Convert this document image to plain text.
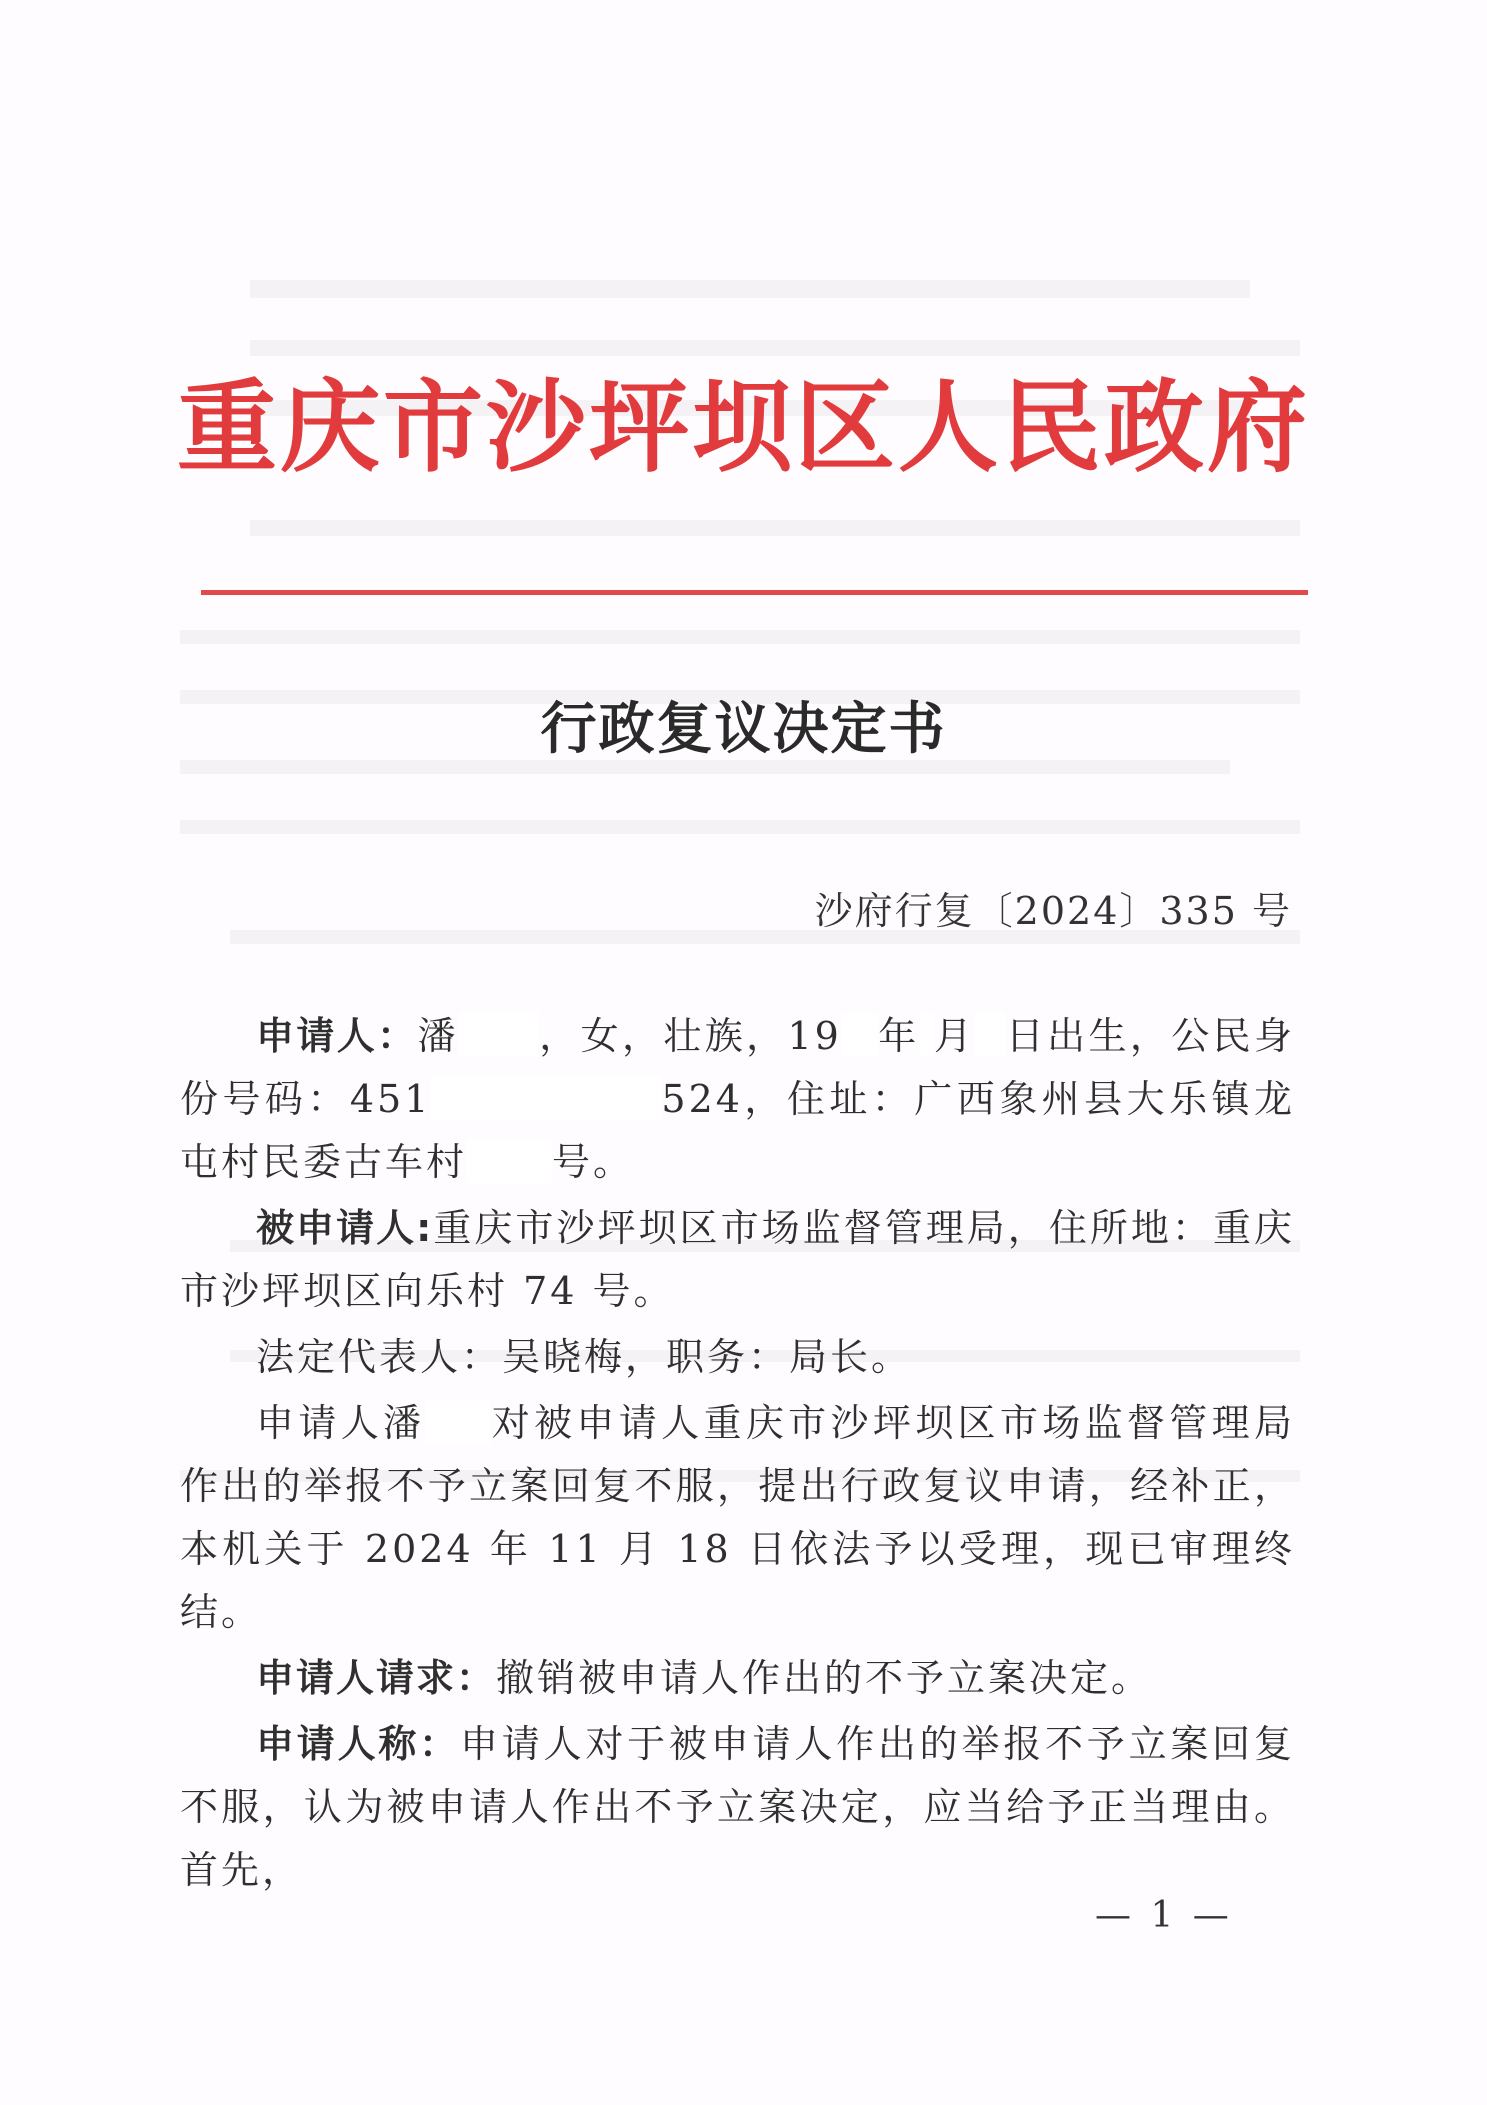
重庆市沙坪坝区人民政府
行政复议决定书
沙府行复〔2024〕335 号

申请人：潘 ，女，壮族，19 年 月 日出生，公民身份号码：451	524，住址：广西象州县大乐镇龙屯村民委古车村 号。

被申请人:重庆市沙坪坝区市场监督管理局，住所地：重庆市沙坪坝区向乐村 74 号。

法定代表人：吴晓梅，职务：局长。

申请人潘 对被申请人重庆市沙坪坝区市场监督管理局作出的举报不予立案回复不服，提出行政复议申请，经补正，本机关于 2024 年 11 月 18 日依法予以受理，现已审理终结。

申请人请求：撤销被申请人作出的不予立案决定。

申请人称：申请人对于被申请人作出的举报不予立案回复不服，认为被申请人作出不予立案决定，应当给予正当理由。首先，

— 1 —
